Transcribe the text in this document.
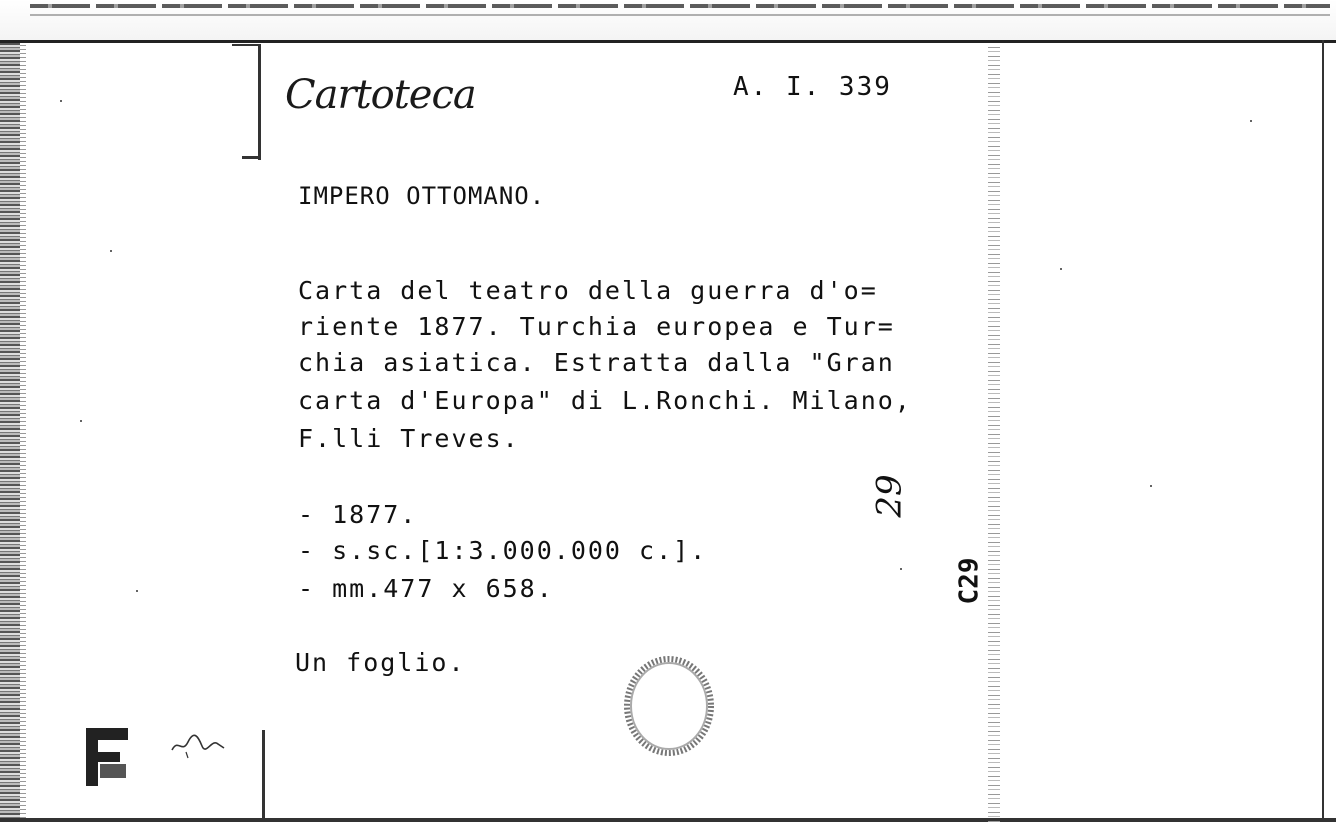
Cartoteca	A. I. 339
IMPERO OTTOMANO.
Carta del teatro della guerra d'o=
riente 1877. Turchia europea e Tur=
chia asiatica. Estratta dalla "Gran
carta d'Europa" di L.Ronchi. Milano,
F.lli Treves.
- 1877.
- s.sc.[1:3.000.000 c.].
- mm.477 x 658.
Un foglio.
29
C29
